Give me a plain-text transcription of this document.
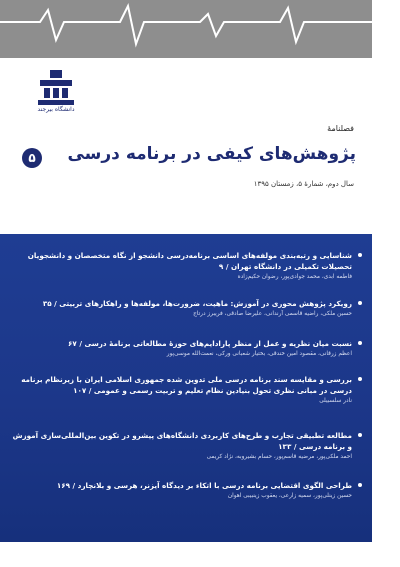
دانشگاه بیرجند
فصلنامهٔ
۵	پژوهش‌های کیفی در برنامه درسی
سال دوم، شمارهٔ ۵، زمستان ۱۳۹۵
شناسایی و رتبه‌بندی مولفه‌های اساسی برنامه‌درسی دانشجو از نگاه متخصصان و دانشجویان تحصیلات تکمیلی در دانشگاه تهران / ۹
فاطمه ابدی، محمد جوادی‌پور، رضوان حکیم‌زاده
رویکرد پژوهش محوری در آموزش: ماهیت، ضرورت‌ها، مولفه‌ها و راهکارهای تربیتی / ۳۵
حسین ملکی، راضیه قاسمی آرندانی، علیرضا صادقی، فریبرز درتاج
نسبت میان نظریه و عمل از منظر پارادایم‌های حوزهٔ مطالعاتی برنامهٔ درسی / ۶۷
اعظم زرقانی، مقصود امین خندقی، بختیار شعبانی ورکی، نعمت‌الله موسی‌پور
بررسی و مقایسه سند برنامه درسی ملی تدوین شده جمهوری اسلامی ایران با زیرنظام برنامه درسی در مبانی نظری تحول بنیادین نظام تعلیم و تربیت رسمی و عمومی / ۱۰۷
نادر سلسبیلی
مطالعه تطبیقی تجارب و طرح‌های کاربردی دانشگاه‌های پیشرو در تکوین بین‌المللی‌سازی آموزش و برنامه درسی / ۱۳۳
احمد ملکی‌پور، مرضیه قاسم‌پور، حسام بشیروبه، نژاد کریمی
طراحی الگوی اقتضایی برنامه درسی با اتکاء بر دیدگاه آیزنر، هرسی و بلانچارد / ۱۶۹
حسین زینلی‌پور، سمیه زارعی، یعقوب زینبیبی اهوان
